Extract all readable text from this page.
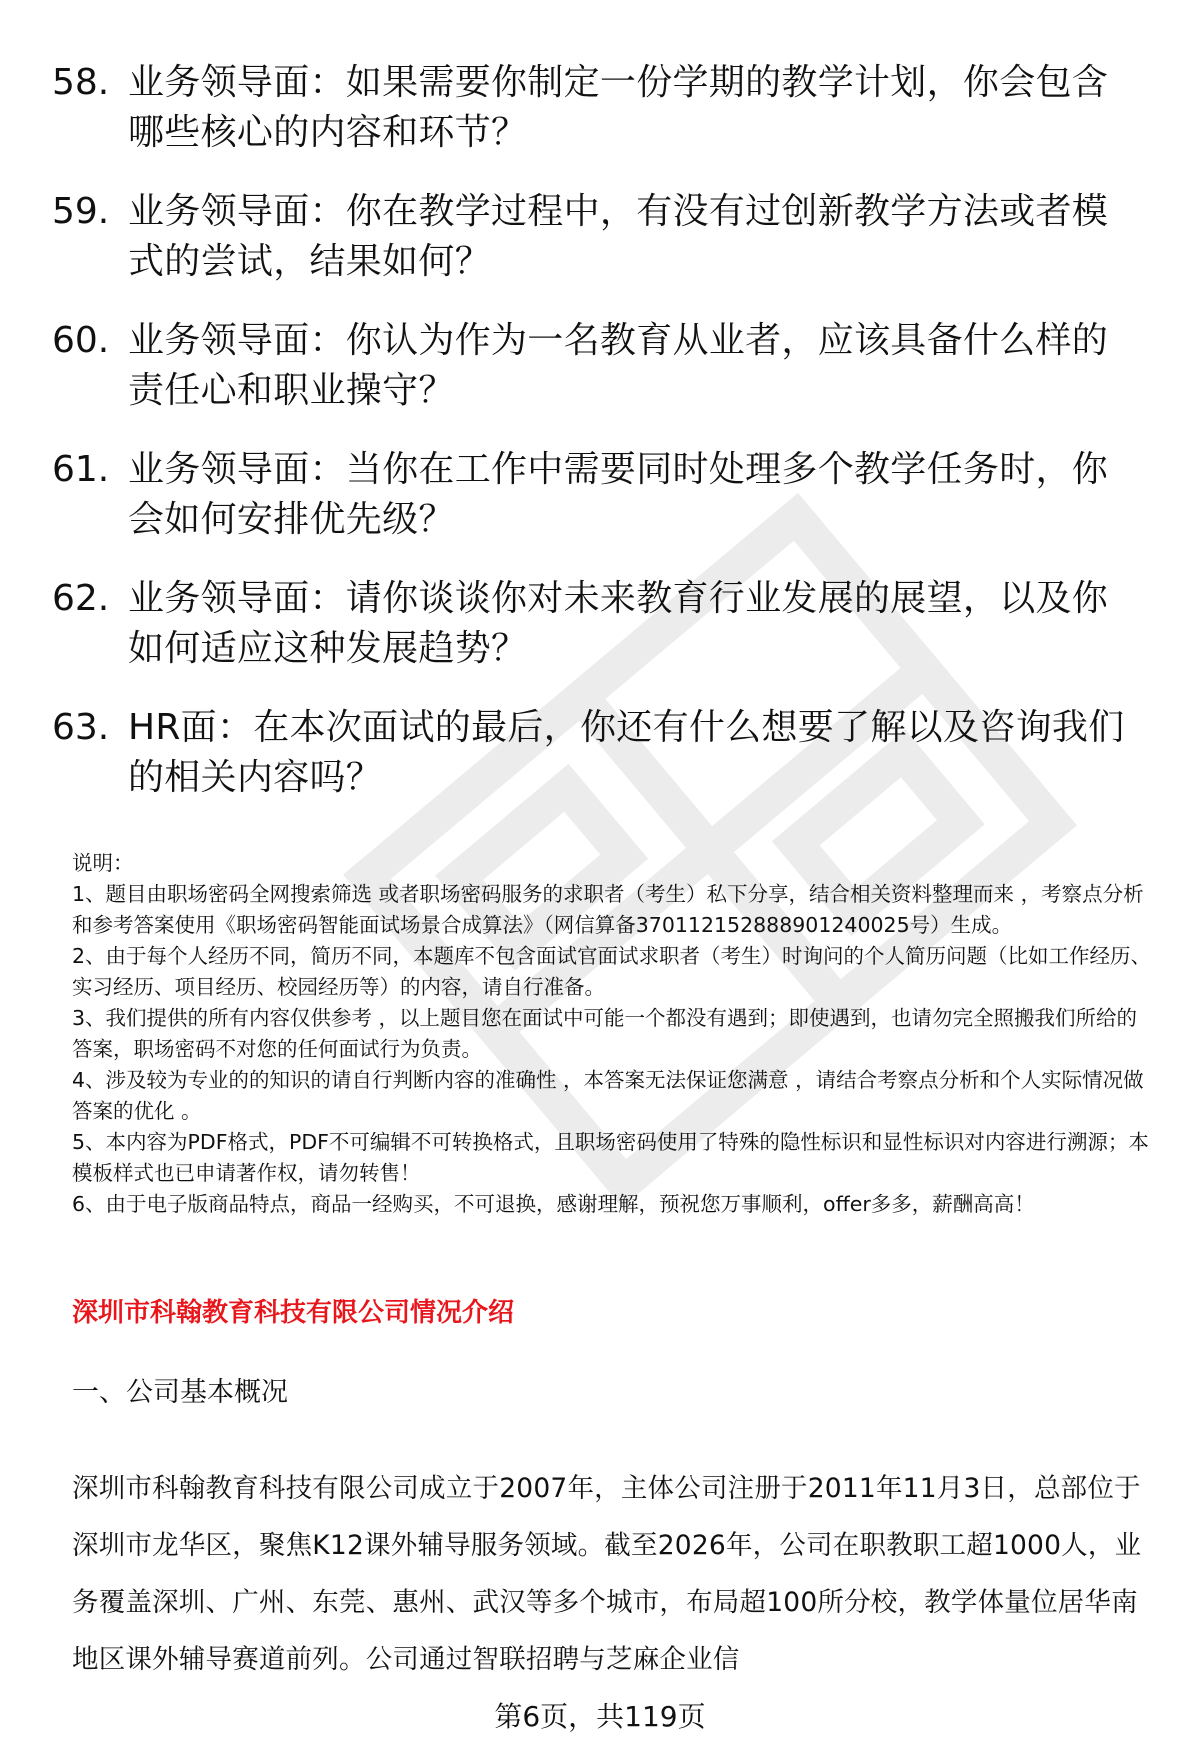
58. 业务领导面：如果需要你制定一份学期的教学计划，你会包含哪些核心的内容和环节？
59. 业务领导面：你在教学过程中，有没有过创新教学方法或者模式的尝试，结果如何？
60. 业务领导面：你认为作为一名教育从业者，应该具备什么样的责任心和职业操守？
61. 业务领导面：当你在工作中需要同时处理多个教学任务时，你会如何安排优先级？
62. 业务领导面：请你谈谈你对未来教育行业发展的展望，以及你如何适应这种发展趋势？
63. HR面：在本次面试的最后，你还有什么想要了解以及咨询我们的相关内容吗？

说明：

1、题目由职场密码全网搜索筛选 或者职场密码服务的求职者（考生）私下分享，结合相关资料整理而来 ，考察点分析和参考答案使用《职场密码智能面试场景合成算法》（网信算备370112152888901240025号）生成。

2、由于每个人经历不同，简历不同，本题库不包含面试官面试求职者（考生）时询问的个人简历问题（比如工作经历、实习经历、项目经历、校园经历等）的内容，请自行准备。

3、我们提供的所有内容仅供参考 ，以上题目您在面试中可能一个都没有遇到；即使遇到，也请勿完全照搬我们所给的答案，职场密码不对您的任何面试行为负责。

4、涉及较为专业的的知识的请自行判断内容的准确性 ，本答案无法保证您满意 ，请结合考察点分析和个人实际情况做答案的优化 。

5、本内容为PDF格式，PDF不可编辑不可转换格式，且职场密码使用了特殊的隐性标识和显性标识对内容进行溯源；本模板样式也已申请著作权，请勿转售！

6、由于电子版商品特点，商品一经购买，不可退换，感谢理解，预祝您万事顺利，offer多多，薪酬高高！

深圳市科翰教育科技有限公司情况介绍
一、公司基本概况

深圳市科翰教育科技有限公司成立于2007年，主体公司注册于2011年11月3日，总部位于深圳市龙华区，聚焦K12课外辅导服务领域。截至2026年，公司在职教职工超1000人，业务覆盖深圳、广州、东莞、惠州、武汉等多个城市，布局超100所分校，教学体量位居华南地区课外辅导赛道前列。公司通过智联招聘与芝麻企业信

第6页，共119页
